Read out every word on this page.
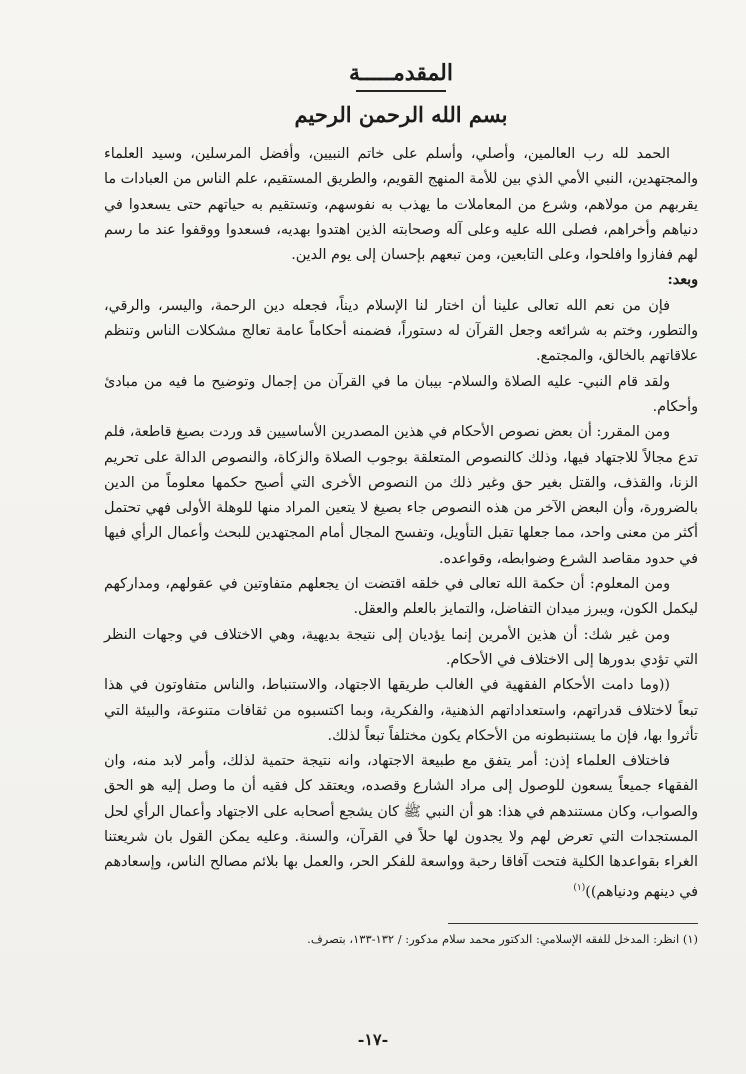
المقدمـــــة
بسم الله الرحمن الرحيم

الحمد لله رب العالمين، وأصلي، وأسلم على خاتم النبيين، وأفضل المرسلين، وسيد العلماء والمجتهدين، النبي الأمي الذي بين للأمة المنهج القويم، والطريق المستقيم، علم الناس من العبادات ما يقربهم من مولاهم، وشرع من المعاملات ما يهذب به نفوسهم، وتستقيم به حياتهم حتى يسعدوا في دنياهم وأخراهم، فصلى الله عليه وعلى آله وصحابته الذين اهتدوا بهديه، فسعدوا ووقفوا عند ما رسم لهم ففازوا وافلحوا، وعلى التابعين، ومن تبعهم بإحسان إلى يوم الدين.

وبعد:

فإن من نعم الله تعالى علينا أن اختار لنا الإسلام ديناً، فجعله دين الرحمة، واليسر، والرقي، والتطور، وختم به شرائعه وجعل القرآن له دستوراً، فضمنه أحكاماً عامة تعالج مشكلات الناس وتنظم علاقاتهم بالخالق، والمجتمع.

ولقد قام النبي- عليه الصلاة والسلام- بيبان ما في القرآن من إجمال وتوضيح ما فيه من مبادئ وأحكام.

ومن المقرر: أن بعض نصوص الأحكام في هذين المصدرين الأساسيين قد وردت بصيغ قاطعة، فلم تدع مجالاً للاجتهاد فيها، وذلك كالنصوص المتعلقة بوجوب الصلاة والزكاة، والنصوص الدالة على تحريم الزنا، والقذف، والقتل بغير حق وغير ذلك من النصوص الأخرى التي أصبح حكمها معلوماً من الدين بالضرورة، وأن البعض الآخر من هذه النصوص جاء بصيغ لا يتعين المراد منها للوهلة الأولى فهي تحتمل أكثر من معنى واحد، مما جعلها تقبل التأويل، وتفسح المجال أمام المجتهدين للبحث وأعمال الرأي فيها في حدود مقاصد الشرع وضوابطه، وقواعده.

ومن المعلوم: أن حكمة الله تعالى في خلقه اقتضت ان يجعلهم متفاوتين في عقولهم، ومداركهم ليكمل الكون، ويبرز ميدان التفاضل، والتمايز بالعلم والعقل.

ومن غير شك: أن هذين الأمرين إنما يؤديان إلى نتيجة بديهية، وهي الاختلاف في وجهات النظر التي تؤدي بدورها إلى الاختلاف في الأحكام.

((وما دامت الأحكام الفقهية في الغالب طريقها الاجتهاد، والاستنباط، والناس متفاوتون في هذا تبعاً لاختلاف قدراتهم، واستعداداتهم الذهنية، والفكرية، وبما اكتسبوه من ثقافات متنوعة، والبيئة التي تأثروا بها، فإن ما يستنبطونه من الأحكام يكون مختلفاً تبعاً لذلك.

فاختلاف العلماء إذن: أمر يتفق مع طبيعة الاجتهاد، وانه نتيجة حتمية لذلك، وأمر لابد منه، وان الفقهاء جميعاً يسعون للوصول إلى مراد الشارع وقصده، ويعتقد كل فقيه أن ما وصل إليه هو الحق والصواب، وكان مستندهم في هذا: هو أن النبي ﷺ كان يشجع أصحابه على الاجتهاد وأعمال الرأي لحل المستجدات التي تعرض لهم ولا يجدون لها حلاً في القرآن، والسنة. وعليه يمكن القول بان شريعتنا الغراء بقواعدها الكلية فتحت آفاقا رحبة وواسعة للفكر الحر، والعمل بها بلائم مصالح الناس، وإسعادهم في دينهم ودنياهم))$^{(١)}$

(١) انظر: المدخل للفقه الإسلامي: الدكتور محمد سلام مدكور: / ١٣٢-١٣٣، بتصرف.

-١٧-
